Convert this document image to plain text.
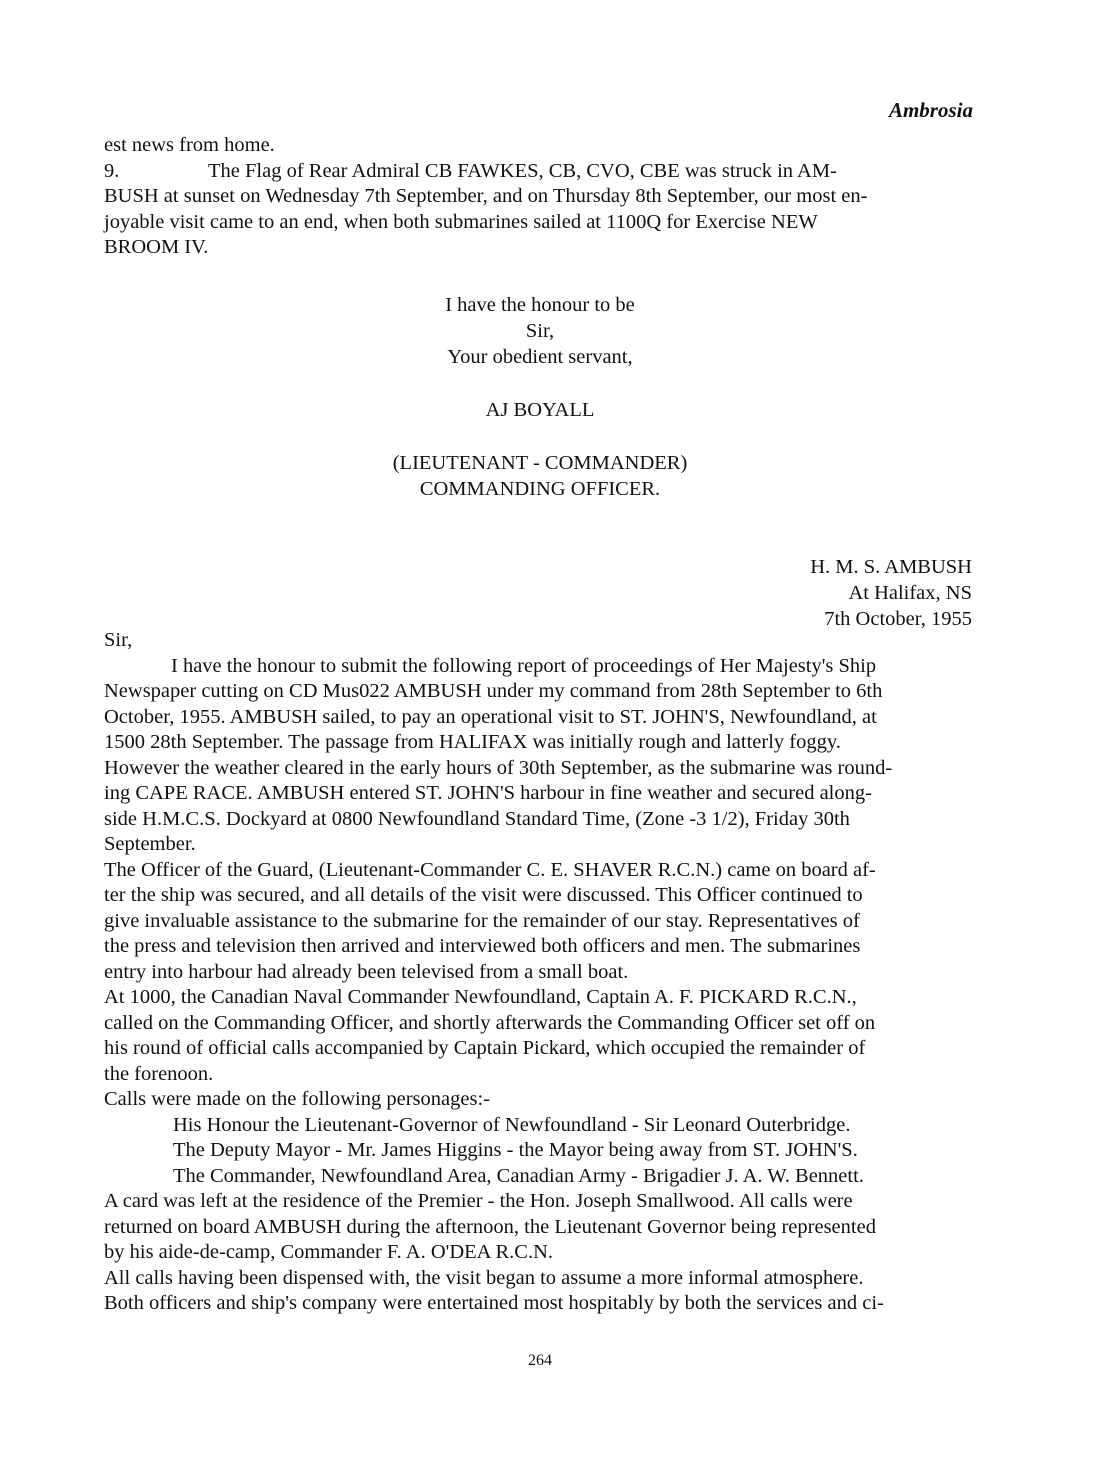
Ambrosia
est news from home.
9.	The Flag of Rear Admiral CB FAWKES, CB, CVO, CBE was struck in AM-
BUSH at sunset on Wednesday 7th September, and on Thursday 8th September, our most en-
joyable visit came to an end, when both submarines sailed at 1100Q for Exercise NEW
BROOM IV.
I have the honour to be
Sir,
Your obedient servant,
AJ BOYALL
(LIEUTENANT - COMMANDER)
COMMANDING OFFICER.
H. M. S. AMBUSH
At Halifax, NS
7th October, 1955
Sir,
I have the honour to submit the following report of proceedings of Her Majesty's Ship
Newspaper cutting on CD Mus022 AMBUSH under my command from 28th September to 6th
October, 1955. AMBUSH sailed, to pay an operational visit to ST. JOHN'S, Newfoundland, at
1500 28th September. The passage from HALIFAX was initially rough and latterly foggy.
However the weather cleared in the early hours of 30th September, as the submarine was round-
ing CAPE RACE. AMBUSH entered ST. JOHN'S harbour in fine weather and secured along-
side H.M.C.S. Dockyard at 0800 Newfoundland Standard Time, (Zone -3 1/2), Friday 30th
September.
The Officer of the Guard, (Lieutenant-Commander C. E. SHAVER R.C.N.) came on board af-
ter the ship was secured, and all details of the visit were discussed. This Officer continued to
give invaluable assistance to the submarine for the remainder of our stay. Representatives of
the press and television then arrived and interviewed both officers and men. The submarines
entry into harbour had already been televised from a small boat.
At 1000, the Canadian Naval Commander Newfoundland, Captain A. F. PICKARD R.C.N.,
called on the Commanding Officer, and shortly afterwards the Commanding Officer set off on
his round of official calls accompanied by Captain Pickard, which occupied the remainder of
the forenoon.
Calls were made on the following personages:-
His Honour the Lieutenant-Governor of Newfoundland - Sir Leonard Outerbridge.
The Deputy Mayor - Mr. James Higgins - the Mayor being away from ST. JOHN'S.
The Commander, Newfoundland Area, Canadian Army - Brigadier J. A. W. Bennett.
A card was left at the residence of the Premier - the Hon. Joseph Smallwood. All calls were
returned on board AMBUSH during the afternoon, the Lieutenant Governor being represented
by his aide-de-camp, Commander F. A. O'DEA R.C.N.
All calls having been dispensed with, the visit began to assume a more informal atmosphere.
Both officers and ship's company were entertained most hospitably by both the services and ci-
264
